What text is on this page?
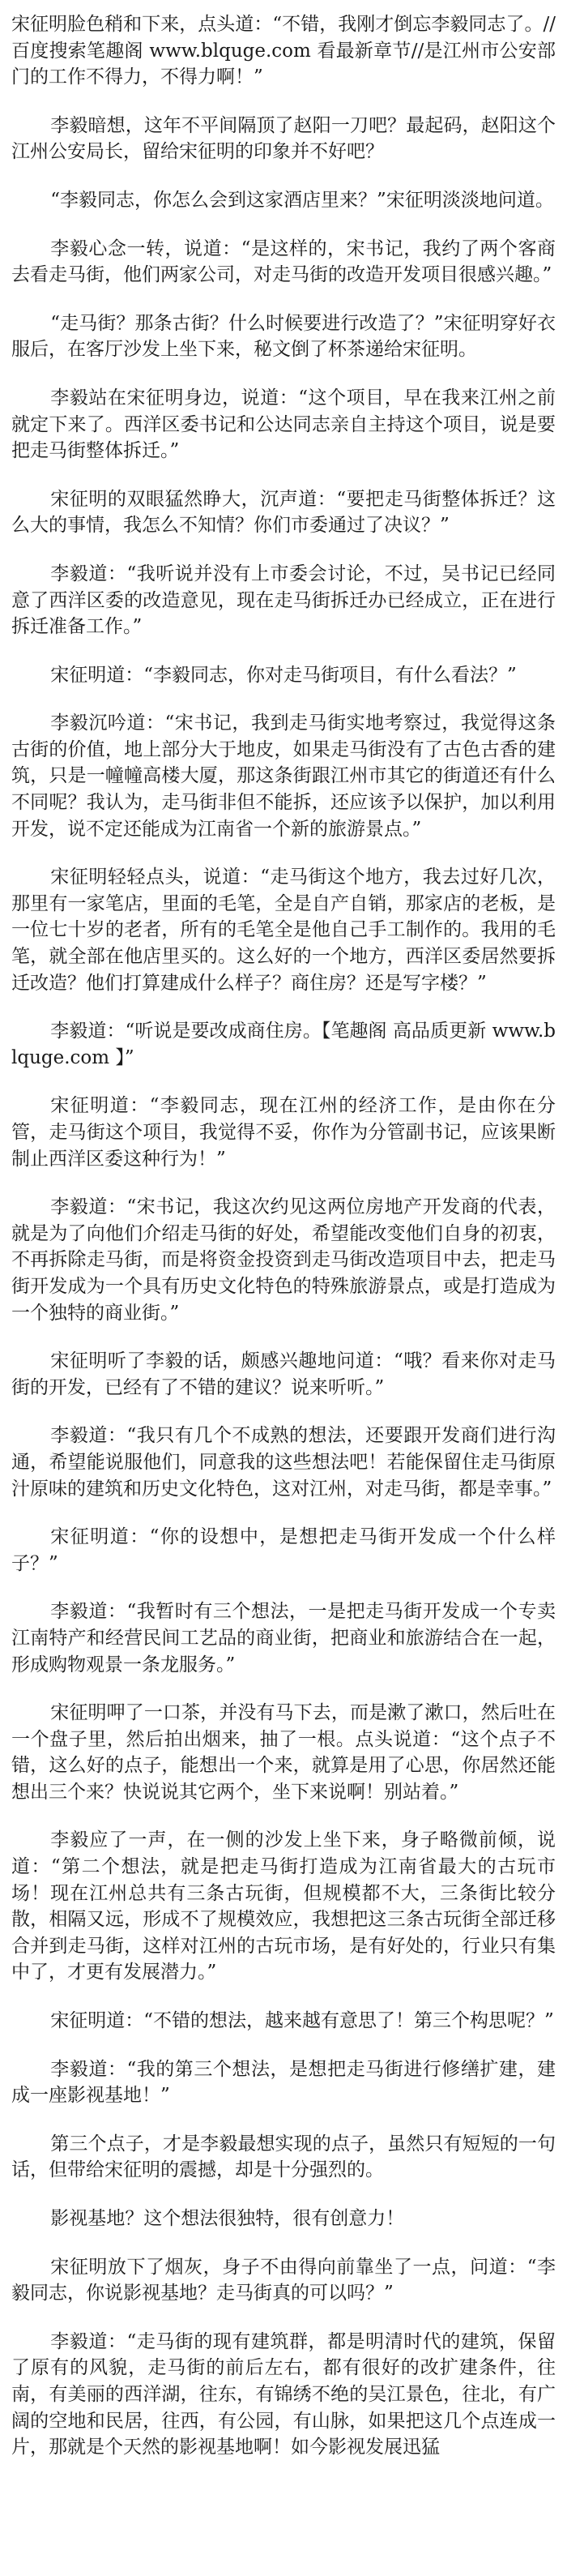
宋征明脸色稍和下来，点头道：“不错，我刚才倒忘李毅同志了。//百度搜索笔趣阁 www.blquge.com 看最新章节//是江州市公安部门的工作不得力，不得力啊！”

李毅暗想，这年不平间隔顶了赵阳一刀吧？最起码，赵阳这个江州公安局长，留给宋征明的印象并不好吧？

“李毅同志，你怎么会到这家酒店里来？”宋征明淡淡地问道。

李毅心念一转，说道：“是这样的，宋书记，我约了两个客商去看走马街，他们两家公司，对走马街的改造开发项目很感兴趣。”

“走马街？那条古街？什么时候要进行改造了？”宋征明穿好衣服后，在客厅沙发上坐下来，秘文倒了杯茶递给宋征明。

李毅站在宋征明身边，说道：“这个项目，早在我来江州之前就定下来了。西洋区委书记和公达同志亲自主持这个项目，说是要把走马街整体拆迁。”

宋征明的双眼猛然睁大，沉声道：“要把走马街整体拆迁？这么大的事情，我怎么不知情？你们市委通过了决议？”

李毅道：“我听说并没有上市委会讨论，不过，吴书记已经同意了西洋区委的改造意见，现在走马街拆迁办已经成立，正在进行拆迁准备工作。”

宋征明道：“李毅同志，你对走马街项目，有什么看法？”

李毅沉吟道：“宋书记，我到走马街实地考察过，我觉得这条古街的价值，地上部分大于地皮，如果走马街没有了古色古香的建筑，只是一幢幢高楼大厦，那这条街跟江州市其它的街道还有什么不同呢？我认为，走马街非但不能拆，还应该予以保护，加以利用开发，说不定还能成为江南省一个新的旅游景点。”

宋征明轻轻点头，说道：“走马街这个地方，我去过好几次，那里有一家笔店，里面的毛笔，全是自产自销，那家店的老板，是一位七十岁的老者，所有的毛笔全是他自己手工制作的。我用的毛笔，就全部在他店里买的。这么好的一个地方，西洋区委居然要拆迁改造？他们打算建成什么样子？商住房？还是写字楼？”

李毅道：“听说是要改成商住房。【笔趣阁 高品质更新 www.blquge.com 】”

宋征明道：“李毅同志，现在江州的经济工作，是由你在分管，走马街这个项目，我觉得不妥，你作为分管副书记，应该果断制止西洋区委这种行为！”

李毅道：“宋书记，我这次约见这两位房地产开发商的代表，就是为了向他们介绍走马街的好处，希望能改变他们自身的初衷，不再拆除走马街，而是将资金投资到走马街改造项目中去，把走马街开发成为一个具有历史文化特色的特殊旅游景点，或是打造成为一个独特的商业街。”

宋征明听了李毅的话，颇感兴趣地问道：“哦？看来你对走马街的开发，已经有了不错的建议？说来听听。”

李毅道：“我只有几个不成熟的想法，还要跟开发商们进行沟通，希望能说服他们，同意我的这些想法吧！若能保留住走马街原汁原味的建筑和历史文化特色，这对江州，对走马街，都是幸事。”

宋征明道：“你的设想中，是想把走马街开发成一个什么样子？”

李毅道：“我暂时有三个想法，一是把走马街开发成一个专卖江南特产和经营民间工艺品的商业街，把商业和旅游结合在一起，形成购物观景一条龙服务。”

宋征明呷了一口茶，并没有马下去，而是漱了漱口，然后吐在一个盘子里，然后拍出烟来，抽了一根。点头说道：“这个点子不错，这么好的点子，能想出一个来，就算是用了心思，你居然还能想出三个来？快说说其它两个，坐下来说啊！别站着。”

李毅应了一声，在一侧的沙发上坐下来，身子略微前倾，说道：“第二个想法，就是把走马街打造成为江南省最大的古玩市场！现在江州总共有三条古玩街，但规模都不大，三条街比较分散，相隔又远，形成不了规模效应，我想把这三条古玩街全部迁移合并到走马街，这样对江州的古玩市场，是有好处的，行业只有集中了，才更有发展潜力。”

宋征明道：“不错的想法，越来越有意思了！第三个构思呢？”

李毅道：“我的第三个想法，是想把走马街进行修缮扩建，建成一座影视基地！”

第三个点子，才是李毅最想实现的点子，虽然只有短短的一句话，但带给宋征明的震撼，却是十分强烈的。

影视基地？这个想法很独特，很有创意力！

宋征明放下了烟灰，身子不由得向前靠坐了一点，问道：“李毅同志，你说影视基地？走马街真的可以吗？”

李毅道：“走马街的现有建筑群，都是明清时代的建筑，保留了原有的风貌，走马街的前后左右，都有很好的改扩建条件，往南，有美丽的西洋湖，往东，有锦绣不绝的吴江景色，往北，有广阔的空地和民居，往西，有公园，有山脉，如果把这几个点连成一片，那就是个天然的影视基地啊！如今影视发展迅猛
